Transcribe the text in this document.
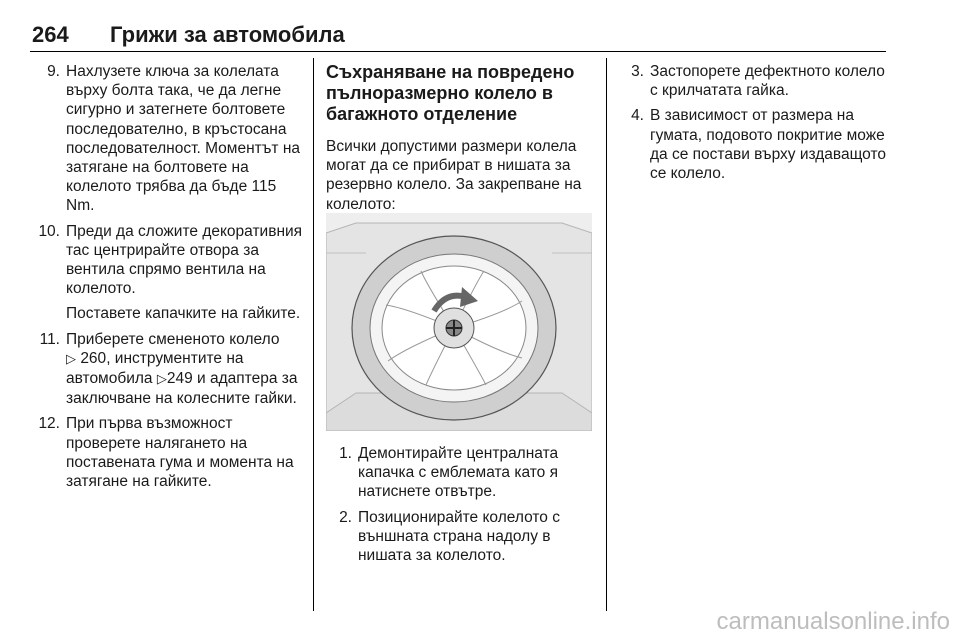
264 Грижи за автомобила
9. Нахлузете ключа за колелата върху болта така, че да легне сигурно и затегнете болтовете последователно, в кръстосана последователност. Моментът на затягане на болтовете на колелото трябва да бъде 115 Nm.
10. Преди да сложите декоративния тас центрирайте отвора за вентила спрямо вентила на колелото.
Поставете капачките на гайките.
11. Приберете смененото колело
▷ 260, инструментите на автомобила ▷249 и адаптера за заключване на колесните гайки.
12. При първа възможност проверете налягането на поставената гума и момента на затягане на гайките.
Съхраняване на повредено пълноразмерно колело в багажното отделение
Всички допустими размери колела могат да се прибират в нишата за резервно колело. За закрепване на колелото:
1. Демонтирайте централната капачка с емблемата като я натиснете отвътре.
2. Позиционирайте колелото с външната страна надолу в нишата за колелото.
3. Застопорете дефектното колело с крилчатата гайка.
4. В зависимост от размера на гумата, подовото покритие може да се постави върху издаващото се колело.
carmanualsonline.info
